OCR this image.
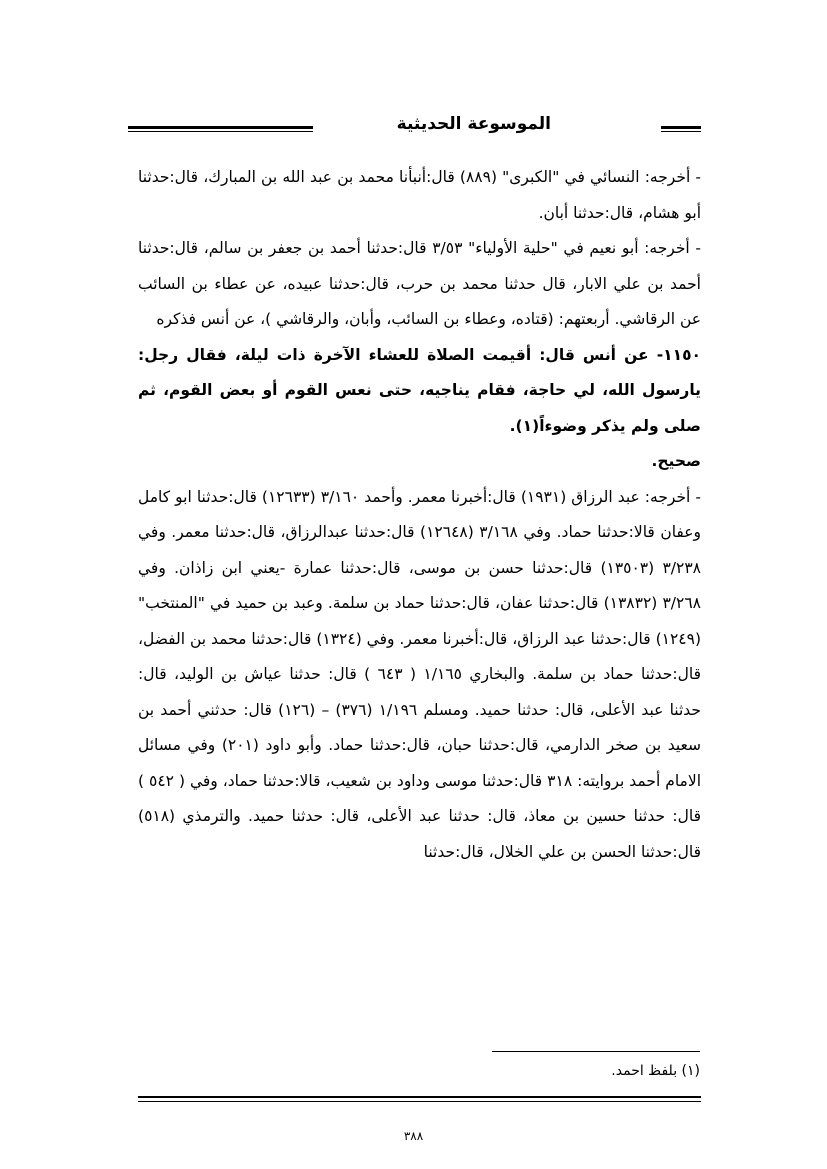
الموسوعة الحديثية

- أخرجه: النسائي في "الكبرى" (٨٨٩) قال:أنبأنا محمد بن عبد الله بن المبارك، قال:حدثنا أبو هشام، قال:حدثنا أبان.

- أخرجه: أبو نعيم في "حلية الأولياء" ٣/٥٣ قال:حدثنا أحمد بن جعفر بن سالم، قال:حدثنا أحمد بن علي الابار، قال حدثنا محمد بن حرب، قال:حدثنا عبيده، عن عطاء بن السائب عن الرقاشي. أربعتهم: (قتاده، وعطاء بن السائب، وأبان، والرقاشي )، عن أنس فذكره

١١٥٠- عن أنس قال: أقيمت الصلاة للعشاء الآخرة ذات ليلة، فقال رجل: يارسول الله، لي حاجة، فقام يناجيه، حتى نعس القوم أو بعض القوم، ثم صلى ولم يذكر وضوءاً(١).

صحيح.

- أخرجه: عبد الرزاق (١٩٣١) قال:أخبرنا معمر. وأحمد ٣/١٦٠ (١٢٦٣٣) قال:حدثنا ابو كامل وعفان قالا:حدثنا حماد. وفي ٣/١٦٨ (١٢٦٤٨) قال:حدثنا عبدالرزاق، قال:حدثنا معمر. وفي ٣/٢٣٨ (١٣٥٠٣) قال:حدثنا حسن بن موسى، قال:حدثنا عمارة -يعني ابن زاذان. وفي ٣/٢٦٨ (١٣٨٣٢) قال:حدثنا عفان، قال:حدثنا حماد بن سلمة. وعبد بن حميد في "المنتخب" (١٢٤٩) قال:حدثنا عبد الرزاق، قال:أخبرنا معمر. وفي (١٣٢٤) قال:حدثنا محمد بن الفضل، قال:حدثنا حماد بن سلمة. والبخاري ١/١٦٥ ( ٦٤٣ ) قال: حدثنا عياش بن الوليد، قال: حدثنا عبد الأعلى، قال: حدثنا حميد. ومسلم ١/١٩٦ (٣٧٦) – (١٢٦) قال: حدثني أحمد بن سعيد بن صخر الدارمي، قال:حدثنا حبان، قال:حدثنا حماد. وأبو داود (٢٠١) وفي مسائل الامام أحمد بروايته: ٣١٨ قال:حدثنا موسى وداود بن شعيب، قالا:حدثنا حماد، وفي ( ٥٤٢ ) قال: حدثنا حسين بن معاذ، قال: حدثنا عبد الأعلى، قال: حدثنا حميد. والترمذي (٥١٨) قال:حدثنا الحسن بن علي الخلال، قال:حدثنا

(١) بلفظ احمد.
٣٨٨
